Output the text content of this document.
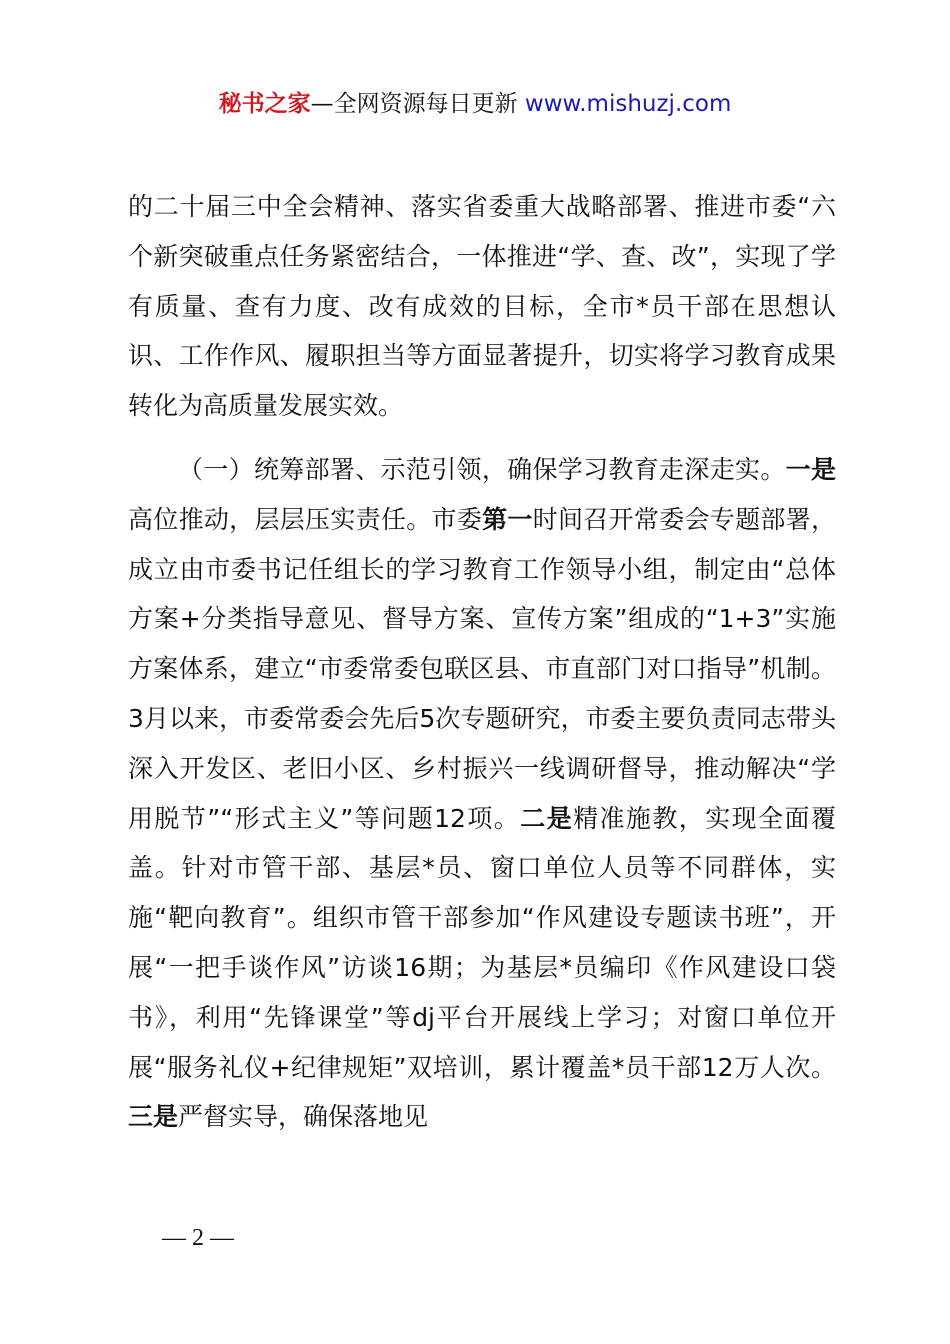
秘书之家—全网资源每日更新 www.mishuzj.com

的二十届三中全会精神、落实省委重大战略部署、推进市委“六个新突破重点任务紧密结合，一体推进“学、查、改”，实现了学有质量、查有力度、改有成效的目标，全市*员干部在思想认识、工作作风、履职担当等方面显著提升，切实将学习教育成果转化为高质量发展实效。

（一）统筹部署、示范引领，确保学习教育走深走实。一是高位推动，层层压实责任。市委第一时间召开常委会专题部署，成立由市委书记任组长的学习教育工作领导小组，制定由“总体方案+分类指导意见、督导方案、宣传方案”组成的“1+3”实施方案体系，建立“市委常委包联区县、市直部门对口指导”机制。3月以来，市委常委会先后5次专题研究，市委主要负责同志带头深入开发区、老旧小区、乡村振兴一线调研督导，推动解决“学用脱节”“形式主义”等问题12项。二是精准施教，实现全面覆盖。针对市管干部、基层*员、窗口单位人员等不同群体，实施“靶向教育”。组织市管干部参加“作风建设专题读书班”，开展“一把手谈作风”访谈16期；为基层*员编印《作风建设口袋书》，利用“先锋课堂”等dj平台开展线上学习；对窗口单位开展“服务礼仪+纪律规矩”双培训，累计覆盖*员干部12万人次。三是严督实导，确保落地见

— 2 —
